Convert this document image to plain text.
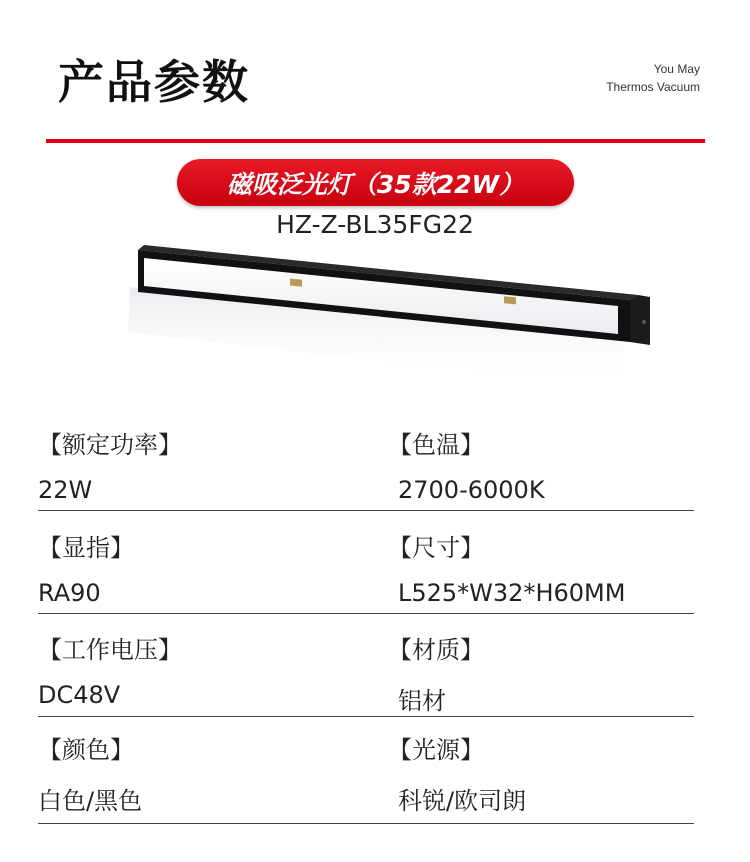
产品参数	You May
Thermos Vacuum
磁吸泛光灯（35款22W）
HZ-Z-BL35FG22
【额定功率】	【色温】
22W	2700-6000K
【显指】	【尺寸】
RA90	L525*W32*H60MM
【工作电压】	【材质】
DC48V	铝材
【颜色】	【光源】
白色/黑色	科锐/欧司朗
